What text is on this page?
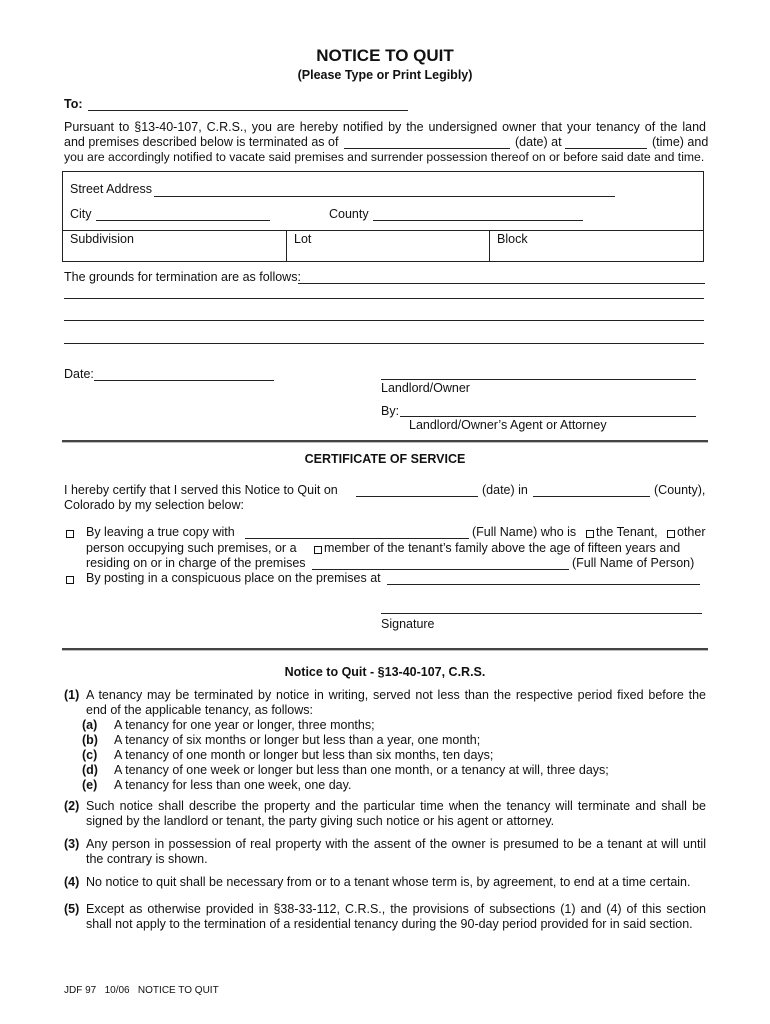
NOTICE TO QUIT
(Please Type or Print Legibly)
To:
Pursuant to §13-40-107, C.R.S., you are hereby notified by the undersigned owner that your tenancy of the land
and premises described below is terminated as of	(date) at	(time) and
you are accordingly notified to vacate said premises and surrender possession thereof on or before said date and time.
Street Address
City	County
Subdivision	Lot	Block
The grounds for termination are as follows:
Date:
Landlord/Owner
By:
Landlord/Owner’s Agent or Attorney
CERTIFICATE OF SERVICE
I hereby certify that I served this Notice to Quit on	(date) in	(County),
Colorado by my selection below:
By leaving a true copy with	(Full Name) who is the Tenant, other
person occupying such premises, or a member of the tenant’s family above the age of fifteen years and
residing on or in charge of the premises	(Full Name of Person)
By posting in a conspicuous place on the premises at
Signature
Notice to Quit - §13-40-107, C.R.S.
(1) A tenancy may be terminated by notice in writing, served not less than the respective period fixed before the
end of the applicable tenancy, as follows:
(a) A tenancy for one year or longer, three months;
(b) A tenancy of six months or longer but less than a year, one month;
(c) A tenancy of one month or longer but less than six months, ten days;
(d) A tenancy of one week or longer but less than one month, or a tenancy at will, three days;
(e) A tenancy for less than one week, one day.
(2) Such notice shall describe the property and the particular time when the tenancy will terminate and shall be
signed by the landlord or tenant, the party giving such notice or his agent or attorney.
(3) Any person in possession of real property with the assent of the owner is presumed to be a tenant at will until
the contrary is shown.
(4) No notice to quit shall be necessary from or to a tenant whose term is, by agreement, to end at a time certain.
(5) Except as otherwise provided in §38-33-112, C.R.S., the provisions of subsections (1) and (4) of this section
shall not apply to the termination of a residential tenancy during the 90-day period provided for in said section.
JDF 97   10/06   NOTICE TO QUIT
